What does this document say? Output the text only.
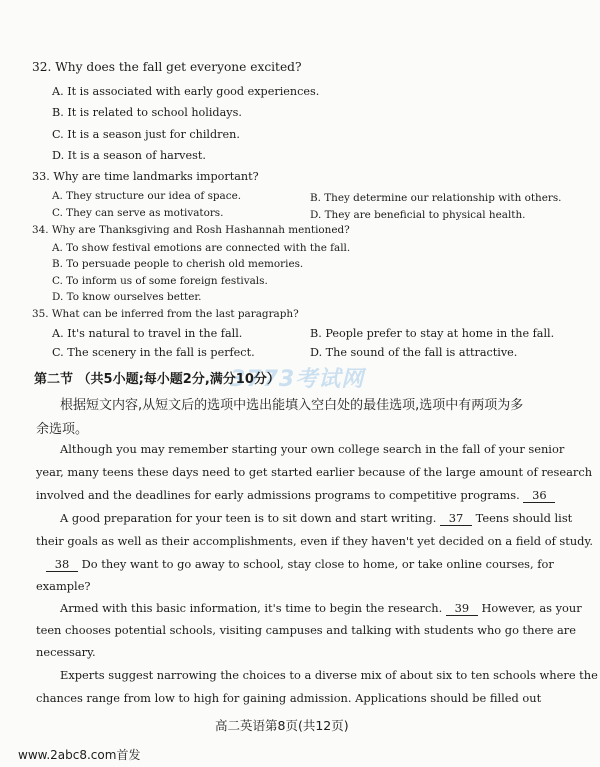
32. Why does the fall get everyone excited?
A. It is associated with early good experiences.
B. It is related to school holidays.
C. It is a season just for children.
D. It is a season of harvest.
33. Why are time landmarks important?
A. They structure our idea of space.	B. They determine our relationship with others.
C. They can serve as motivators.	D. They are beneficial to physical health.
34. Why are Thanksgiving and Rosh Hashannah mentioned?
A. To show festival emotions are connected with the fall.
B. To persuade people to cherish old memories.
C. To inform us of some foreign festivals.
D. To know ourselves better.
35. What can be inferred from the last paragraph?
A. It's natural to travel in the fall.	B. People prefer to stay at home in the fall.
C. The scenery in the fall is perfect.	D. The sound of the fall is attractive.
3773考试网
第二节 （共5小题;每小题2分,满分10分）
根据短文内容,从短文后的选项中选出能填入空白处的最佳选项,选项中有两项为多
余选项。
Although you may remember starting your own college search in the fall of your senior
year, many teens these days need to get started earlier because of the large amount of research
involved and the deadlines for early admissions programs to competitive programs. 36
A good preparation for your teen is to sit down and start writing. 37 Teens should list
their goals as well as their accomplishments, even if they haven't yet decided on a field of study.
38 Do they want to go away to school, stay close to home, or take online courses, for
example?
Armed with this basic information, it's time to begin the research. 39 However, as your
teen chooses potential schools, visiting campuses and talking with students who go there are
necessary.
Experts suggest narrowing the choices to a diverse mix of about six to ten schools where the
chances range from low to high for gaining admission. Applications should be filled out
高二英语第8页(共12页)
www.2abc8.com首发
